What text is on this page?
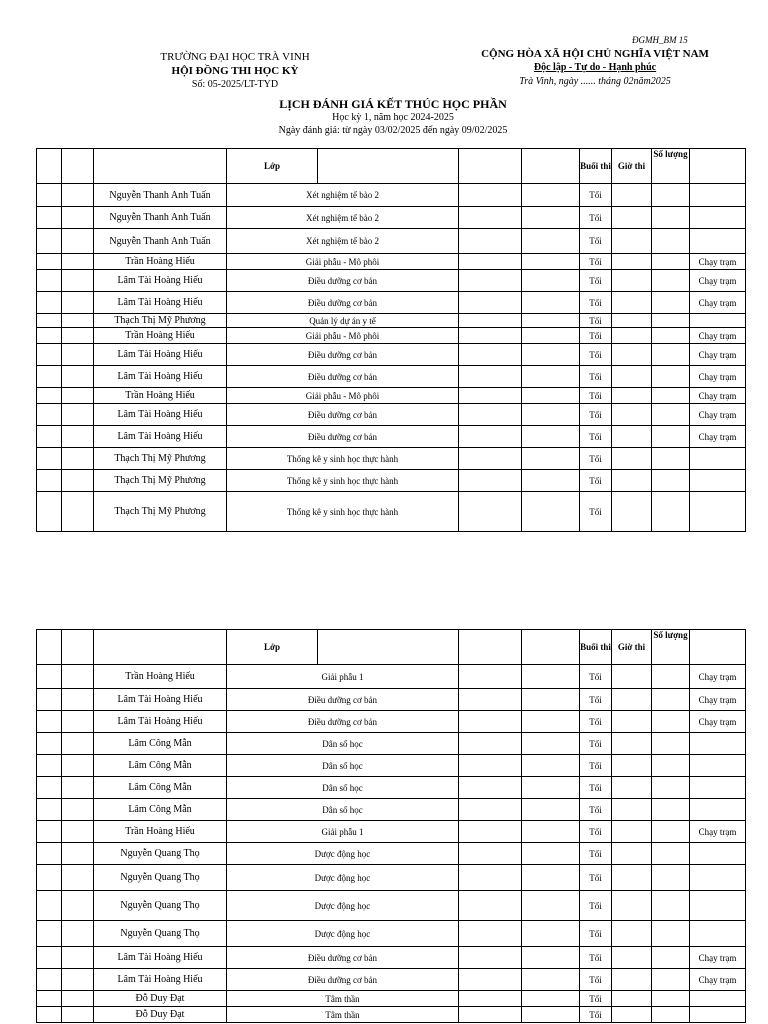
ĐGMH_BM 15
TRƯỜNG ĐẠI HỌC TRÀ VINH
HỘI ĐỒNG THI HỌC KỲ
Số: 05-2025/LT-TYD
CỘNG HÒA XÃ HỘI CHỦ NGHĨA VIỆT NAM
Độc lập - Tự do - Hạnh phúc
Trà Vinh, ngày ...... tháng 02năm2025
LỊCH ĐÁNH GIÁ KẾT THÚC HỌC PHẦN
Học kỳ 1, năm học 2024-2025
Ngày đánh giá: từ ngày 03/02/2025 đến ngày 09/02/2025
			Lớp				Buổi thi	Giờ thi	Số lượng	
		Nguyễn Thanh Anh Tuấn	Xét nghiệm tế bào 2				Tối			
		Nguyễn Thanh Anh Tuấn	Xét nghiệm tế bào 2				Tối			
		Nguyễn Thanh Anh Tuấn	Xét nghiệm tế bào 2				Tối			
		Trần Hoàng Hiếu	Giải phẫu - Mô phôi				Tối			Chạy trạm
		Lâm Tài Hoàng Hiếu	Điều dưỡng cơ bản				Tối			Chạy trạm
		Lâm Tài Hoàng Hiếu	Điều dưỡng cơ bản				Tối			Chạy trạm
		Thạch Thị Mỹ Phương	Quản lý dự án y tế				Tối			
		Trần Hoàng Hiếu	Giải phẫu - Mô phôi				Tối			Chạy trạm
		Lâm Tài Hoàng Hiếu	Điều dưỡng cơ bản				Tối			Chạy trạm
		Lâm Tài Hoàng Hiếu	Điều dưỡng cơ bản				Tối			Chạy trạm
		Trần Hoàng Hiếu	Giải phẫu - Mô phôi				Tối			Chạy trạm
		Lâm Tài Hoàng Hiếu	Điều dưỡng cơ bản				Tối			Chạy trạm
		Lâm Tài Hoàng Hiếu	Điều dưỡng cơ bản				Tối			Chạy trạm
		Thạch Thị Mỹ Phương	Thống kê y sinh học thực hành				Tối			
		Thạch Thị Mỹ Phương	Thống kê y sinh học thực hành				Tối			
		Thạch Thị Mỹ Phương	Thống kê y sinh học thực hành				Tối			
			Lớp				Buổi thi	Giờ thi	Số lượng	
		Trần Hoàng Hiếu	Giải phẫu 1				Tối			Chạy trạm
		Lâm Tài Hoàng Hiếu	Điều dưỡng cơ bản				Tối			Chạy trạm
		Lâm Tài Hoàng Hiếu	Điều dưỡng cơ bản				Tối			Chạy trạm
		Lâm Công Mẫn	Dân số học				Tối			
		Lâm Công Mẫn	Dân số học				Tối			
		Lâm Công Mẫn	Dân số học				Tối			
		Lâm Công Mẫn	Dân số học				Tối			
		Trần Hoàng Hiếu	Giải phẫu 1				Tối			Chạy trạm
		Nguyễn Quang Thọ	Dược động học				Tối			
		Nguyễn Quang Thọ	Dược động học				Tối			
		Nguyễn Quang Thọ	Dược động học				Tối			
		Nguyễn Quang Thọ	Dược động học				Tối			
		Lâm Tài Hoàng Hiếu	Điều dưỡng cơ bản				Tối			Chạy trạm
		Lâm Tài Hoàng Hiếu	Điều dưỡng cơ bản				Tối			Chạy trạm
		Đỗ Duy Đạt	Tâm thần				Tối			
		Đỗ Duy Đạt	Tâm thần				Tối			
